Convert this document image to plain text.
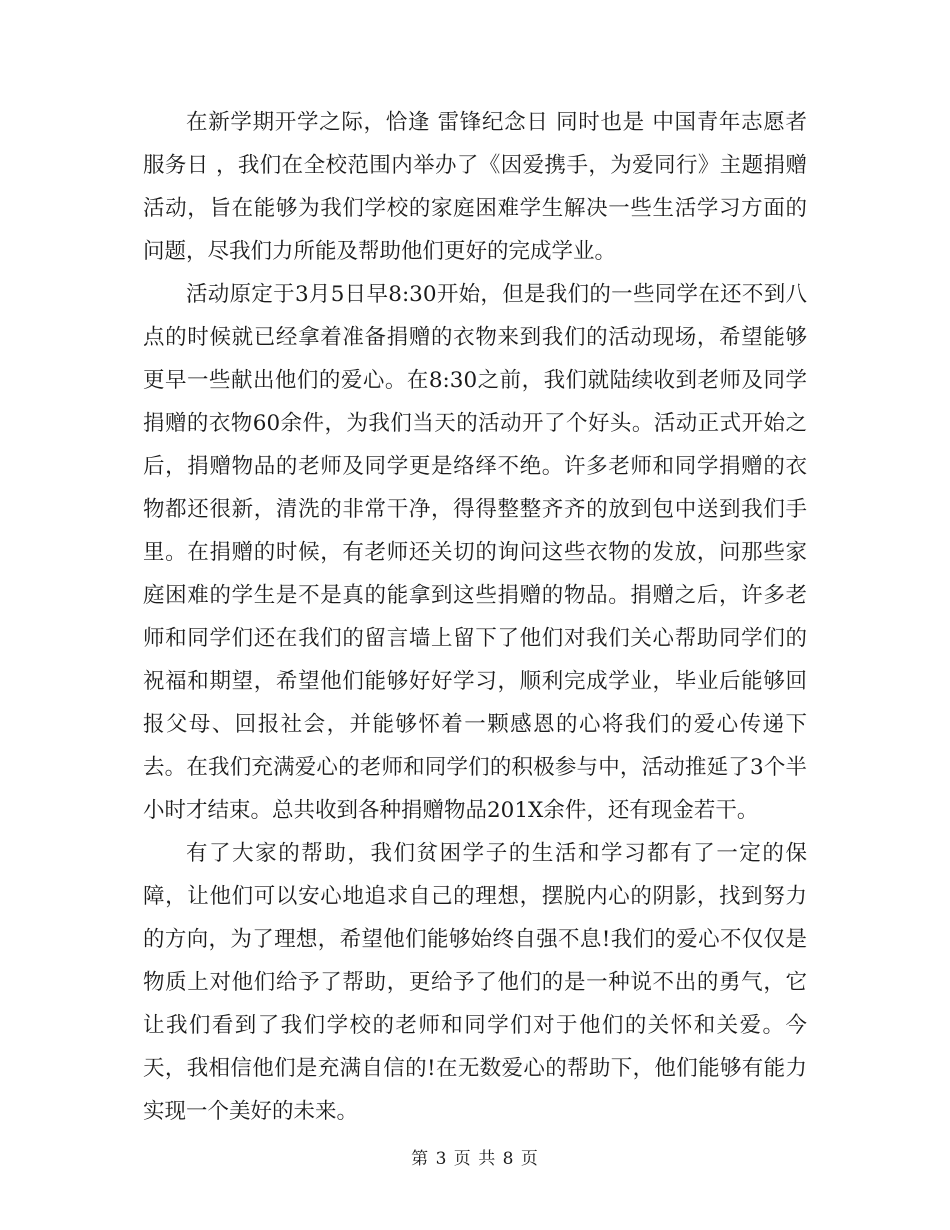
在新学期开学之际，恰逢 雷锋纪念日 同时也是 中国青年志愿者服务日 ，我们在全校范围内举办了《因爱携手，为爱同行》主题捐赠活动，旨在能够为我们学校的家庭困难学生解决一些生活学习方面的问题，尽我们力所能及帮助他们更好的完成学业。

活动原定于3月5日早8:30开始，但是我们的一些同学在还不到八点的时候就已经拿着准备捐赠的衣物来到我们的活动现场，希望能够更早一些献出他们的爱心。在8:30之前，我们就陆续收到老师及同学捐赠的衣物60余件，为我们当天的活动开了个好头。活动正式开始之后，捐赠物品的老师及同学更是络绎不绝。许多老师和同学捐赠的衣物都还很新，清洗的非常干净，得得整整齐齐的放到包中送到我们手里。在捐赠的时候，有老师还关切的询问这些衣物的发放，问那些家庭困难的学生是不是真的能拿到这些捐赠的物品。捐赠之后，许多老师和同学们还在我们的留言墙上留下了他们对我们关心帮助同学们的祝福和期望，希望他们能够好好学习，顺利完成学业，毕业后能够回报父母、回报社会，并能够怀着一颗感恩的心将我们的爱心传递下去。在我们充满爱心的老师和同学们的积极参与中，活动推延了3个半小时才结束。总共收到各种捐赠物品201X余件，还有现金若干。

有了大家的帮助，我们贫困学子的生活和学习都有了一定的保障，让他们可以安心地追求自己的理想，摆脱内心的阴影，找到努力的方向，为了理想，希望他们能够始终自强不息!我们的爱心不仅仅是物质上对他们给予了帮助，更给予了他们的是一种说不出的勇气，它让我们看到了我们学校的老师和同学们对于他们的关怀和关爱。今天，我相信他们是充满自信的!在无数爱心的帮助下，他们能够有能力实现一个美好的未来。

第 3 页 共 8 页
